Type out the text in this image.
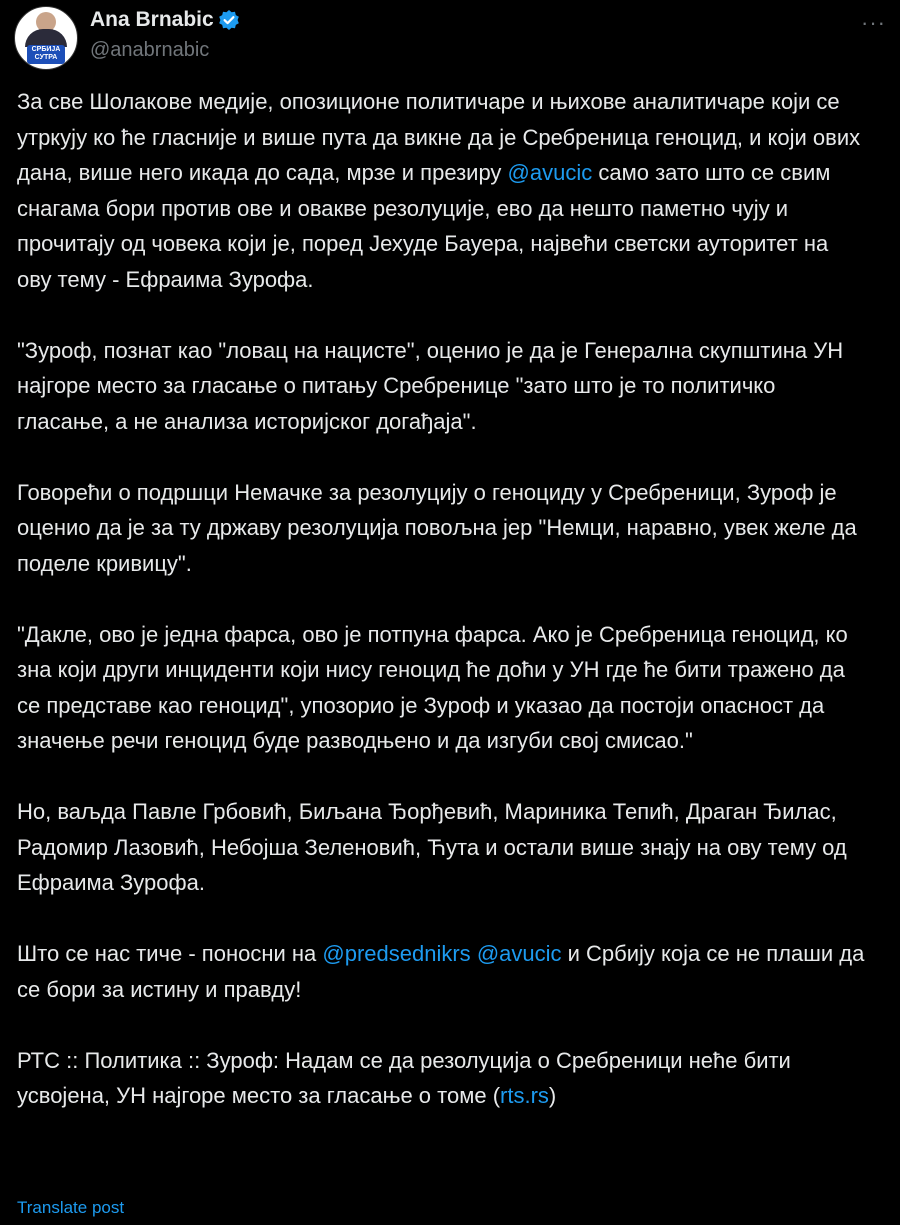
СРБИЈА СУТРА
Ana Brnabic
@anabrnabic
···

За све Шолакове медије, опозиционе политичаре и њихове аналитичаре који се утркују ко ће гласније и више пута да викне да је Сребреница геноцид, и који ових дана, више него икада до сада, мрзе и презиру @avucic само зато што се свим снагама бори против ове и овакве резолуције, ево да нешто паметно чују и прочитају од човека који је, поред Јехуде Бауера, највећи светски ауторитет на ову тему - Ефраима Зурофа.

"Зуроф, познат као "ловац на нацисте", оценио је да је Генерална скупштина УН најгоре место за гласање о питању Сребренице "зато што је то политичко гласање, а не анализа историјског догађаја".

Говорећи о подршци Немачке за резолуцију о геноциду у Сребреници, Зуроф је оценио да је за ту државу резолуција повољна јер "Немци, наравно, увек желе да поделе кривицу".

"Дакле, ово је једна фарса, ово је потпуна фарса. Ако је Сребреница геноцид, ко зна који други инциденти који нису геноцид ће доћи у УН где ће бити тражено да се представе као геноцид", упозорио је Зуроф и указао да постоји опасност да значење речи геноцид буде разводњено и да изгуби свој смисао."

Но, ваљда Павле Грбовић, Биљана Ђорђевић, Мариника Тепић, Драган Ђилас, Радомир Лазовић, Небојша Зеленовић, Ћута и остали више знају на ову тему од Ефраима Зурофа.

Што се нас тиче - поносни на @predsednikrs @avucic и Србију која се не плаши да се бори за истину и правду!

РТС :: Политика :: Зуроф: Надам се да резолуција о Сребреници неће бити усвојена, УН најгоре место за гласање о томе (rts.rs)

Translate post
